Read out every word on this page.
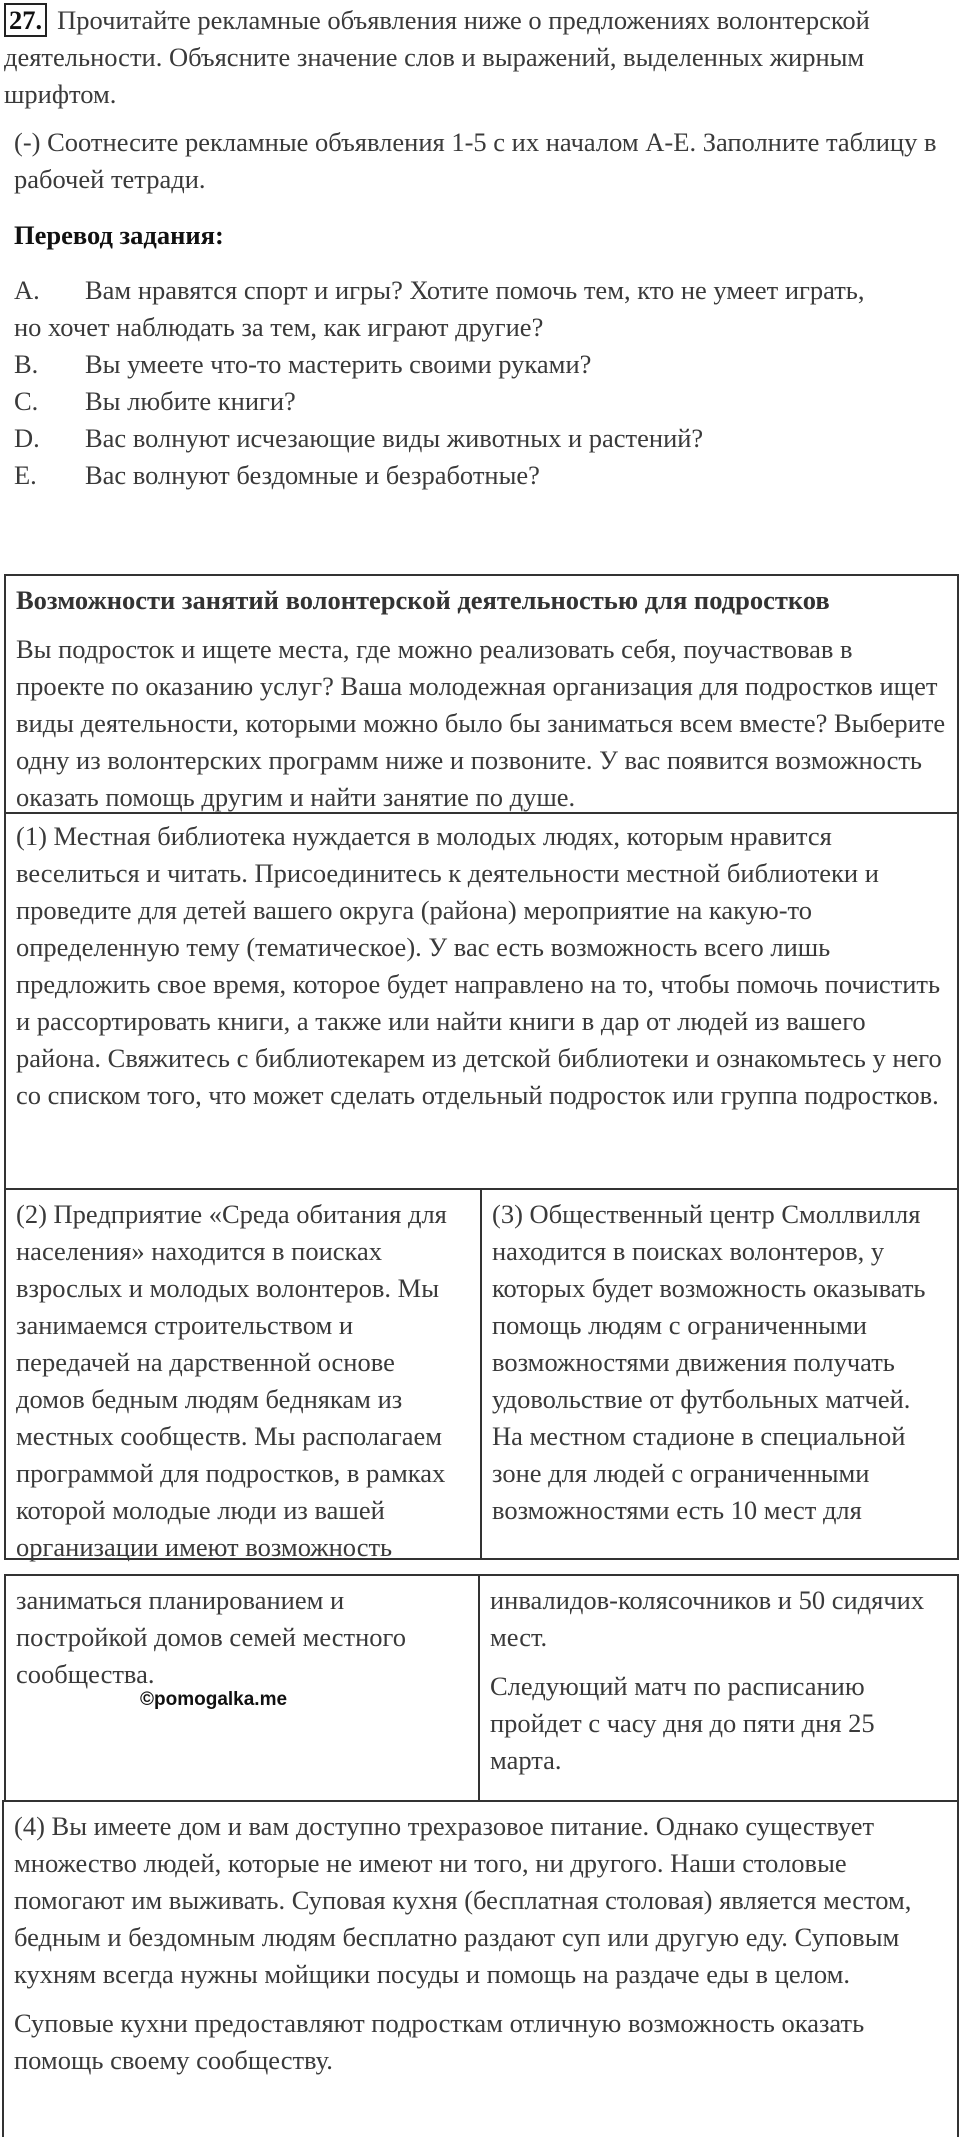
27. Прочитайте рекламные объявления ниже о предложениях волонтерской деятельности. Объясните значение слов и выражений, выделенных жирным шрифтом.
(-) Соотнесите рекламные объявления 1-5 с их началом A-E. Заполните таблицу в рабочей тетради.
Перевод задания:
A.	Вам нравятся спорт и игры? Хотите помочь тем, кто не умеет играть,
но хочет наблюдать за тем, как играют другие?
B.	Вы умеете что-то мастерить своими руками?
C.	Вы любите книги?
D.	Вас волнуют исчезающие виды животных и растений?
E.	Вас волнуют бездомные и безработные?
Возможности занятий волонтерской деятельностью для подростков
Вы подросток и ищете места, где можно реализовать себя, поучаствовав в проекте по оказанию услуг? Ваша молодежная организация для подростков ищет виды деятельности, которыми можно было бы заниматься всем вместе? Выберите одну из волонтерских программ ниже и позвоните. У вас появится возможность оказать помощь другим и найти занятие по душе.
(1) Местная библиотека нуждается в молодых людях, которым нравится веселиться и читать. Присоединитесь к деятельности местной библиотеки и проведите для детей вашего округа (района) мероприятие на какую-то определенную тему (тематическое). У вас есть возможность всего лишь предложить свое время, которое будет направлено на то, чтобы помочь почистить и рассортировать книги, а также или найти книги в дар от людей из вашего района. Свяжитесь с библиотекарем из детской библиотеки и ознакомьтесь у него со списком того, что может сделать отдельный подросток или группа подростков.
(2) Предприятие «Среда обитания для населения» находится в поисках взрослых и молодых волонтеров. Мы занимаемся строительством и передачей на дарственной основе домов бедным людям беднякам из местных сообществ. Мы располагаем программой для подростков, в рамках которой молодые люди из вашей организации имеют возможность
(3) Общественный центр Смоллвилля находится в поисках волонтеров, у которых будет возможность оказывать помощь людям с ограниченными возможностями движения получать удовольствие от футбольных матчей. На местном стадионе в специальной зоне для людей с ограниченными возможностями есть 10 мест для
заниматься планированием и постройкой домов семей местного сообщества.
©pomogalka.me
инвалидов-колясочников и 50 сидячих мест.
Следующий матч по расписанию пройдет с часу дня до пяти дня 25 марта.
(4) Вы имеете дом и вам доступно трехразовое питание. Однако существует множество людей, которые не имеют ни того, ни другого. Наши столовые помогают им выживать. Суповая кухня (бесплатная столовая) является местом, бедным и бездомным людям бесплатно раздают суп или другую еду. Суповым кухням всегда нужны мойщики посуды и помощь на раздаче еды в целом.
Суповые кухни предоставляют подросткам отличную возможность оказать помощь своему сообществу.
